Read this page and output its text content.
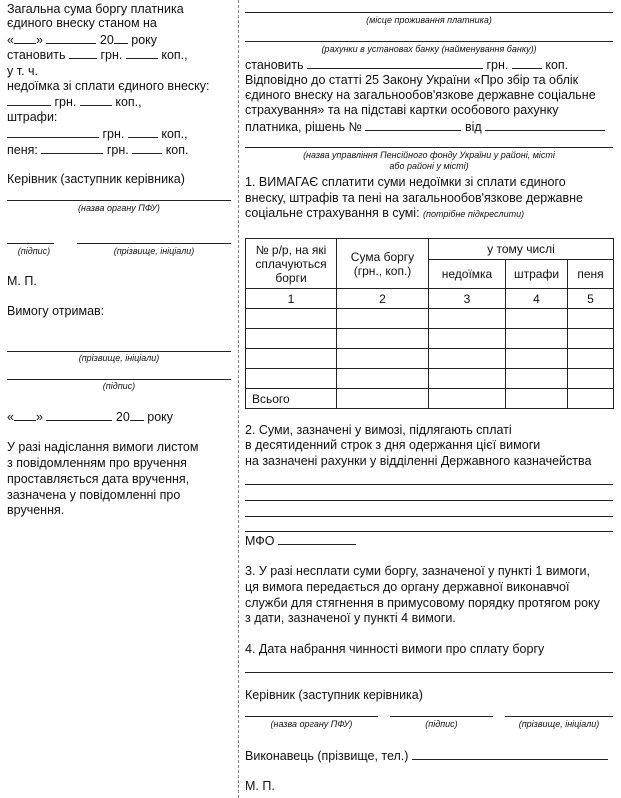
Загальна сума боргу платника
єдиного внеску станом на
« »	20 року
становить	грн.	коп.,
у т. ч.
недоїмка зі сплати єдиного внеску:
грн.	коп.,
штрафи:
грн.	коп.,
пеня:	грн.	коп.
Керівник (заступник керівника)
(назва органу ПФУ)
(підпис)	(прізвище, ініціали)
М. П.
Вимогу отримав:
(прізвище, ініціали)
(підпис)
« »	20 року
У разі надіслання вимоги листом
з повідомленням про вручення
проставляється дата вручення,
зазначена у повідомленні про
вручення.
(місце проживання платника)
(рахунки в установах банку (найменування банку))
становить	грн.	коп.
Відповідно до статті 25 Закону України «Про збір та облік
єдиного внеску на загальнообов'язкове державне соціальне
страхування» та на підставі картки особового рахунку
платника, рішень №	від
(назва управління Пенсійного фонду України у районі, місті
або районі у місті)
1. ВИМАГАЄ сплатити суми недоїмки зі сплати єдиного
внеску, штрафів та пені на загальнообов'язкове державне
соціальне страхування в сумі: (потрібне підкреслити)
№ р/р, на які сплачуються борги	Сума боргу (грн., коп.)	у тому числі		
		недоїмка	штрафи	пеня
1	2	3	4	5

Всього				
2. Суми, зазначені у вимозі, підлягають сплаті
в десятиденний строк з дня одержання цієї вимоги
на зазначені рахунки у відділенні Державного казначейства
МФО
3. У разі несплати суми боргу, зазначеної у пункті 1 вимоги,
ця вимога передається до органу державної виконавчої
служби для стягнення в примусовому порядку протягом року
з дати, зазначеної у пункті 4 вимоги.
4. Дата набрання чинності вимоги про сплату боргу
Керівник (заступник керівника)
(назва органу ПФУ)	(підпис)	(прізвище, ініціали)
Виконавець (прізвище, тел.)
М. П.
